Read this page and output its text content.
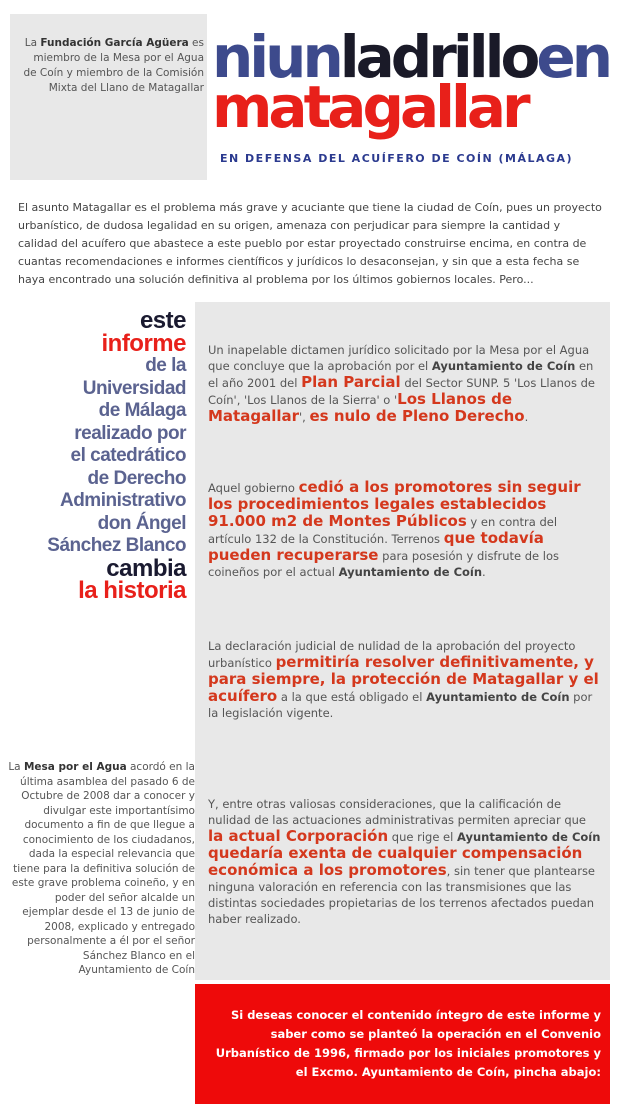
La Fundación García Agüera es miembro de la Mesa por el Agua de Coín y miembro de la Comisión Mixta del Llano de Matagallar niunladrilloen
matagallar
EN DEFENSA DEL ACUÍFERO DE COÍN (MÁLAGA)

El asunto Matagallar es el problema más grave y acuciante que tiene la ciudad de Coín, pues un proyecto urbanístico, de dudosa legalidad en su origen, amenaza con perjudicar para siempre la cantidad y calidad del acuífero que abastece a este pueblo por estar proyectado construirse encima, en contra de cuantas recomendaciones e informes científicos y jurídicos lo desaconsejan, y sin que a esta fecha se haya encontrado una solución definitiva al problema por los últimos gobiernos locales. Pero...

este
informe
de la
Universidad
de Málaga
realizado por
el catedrático
de Derecho
Administrativo
don Ángel
Sánchez Blanco
cambia
la historia

Un inapelable dictamen jurídico solicitado por la Mesa por el Agua que concluye que la aprobación por el Ayuntamiento de Coín en el año 2001 del Plan Parcial del Sector SUNP. 5 'Los Llanos de Coín', 'Los Llanos de la Sierra' o 'Los Llanos de Matagallar', es nulo de Pleno Derecho.

Aquel gobierno cedió a los promotores sin seguir los procedimientos legales establecidos 91.000 m2 de Montes Públicos y en contra del artículo 132 de la Constitución. Terrenos que todavía pueden recuperarse para posesión y disfrute de los coineños por el actual Ayuntamiento de Coín.

La declaración judicial de nulidad de la aprobación del proyecto urbanístico permitiría resolver definitivamente, y para siempre, la protección de Matagallar y el acuífero a la que está obligado el Ayuntamiento de Coín por la legislación vigente.

Y, entre otras valiosas consideraciones, que la calificación de nulidad de las actuaciones administrativas permiten apreciar que la actual Corporación que rige el Ayuntamiento de Coín quedaría exenta de cualquier compensación económica a los promotores, sin tener que plantearse ninguna valoración en referencia con las transmisiones que las distintas sociedades propietarias de los terrenos afectados puedan haber realizado.

La Mesa por el Agua acordó en la última asamblea del pasado 6 de Octubre de 2008 dar a conocer y divulgar este importantísimo documento a fin de que llegue a conocimiento de los ciudadanos, dada la especial relevancia que tiene para la definitiva solución de este grave problema coineño, y en poder del señor alcalde un ejemplar desde el 13 de junio de 2008, explicado y entregado personalmente a él por el señor Sánchez Blanco en el Ayuntamiento de Coín

Si deseas conocer el contenido íntegro de este informe y saber como se planteó la operación en el Convenio Urbanístico de 1996, firmado por los iniciales promotores y el Excmo. Ayuntamiento de Coín, pincha abajo:
